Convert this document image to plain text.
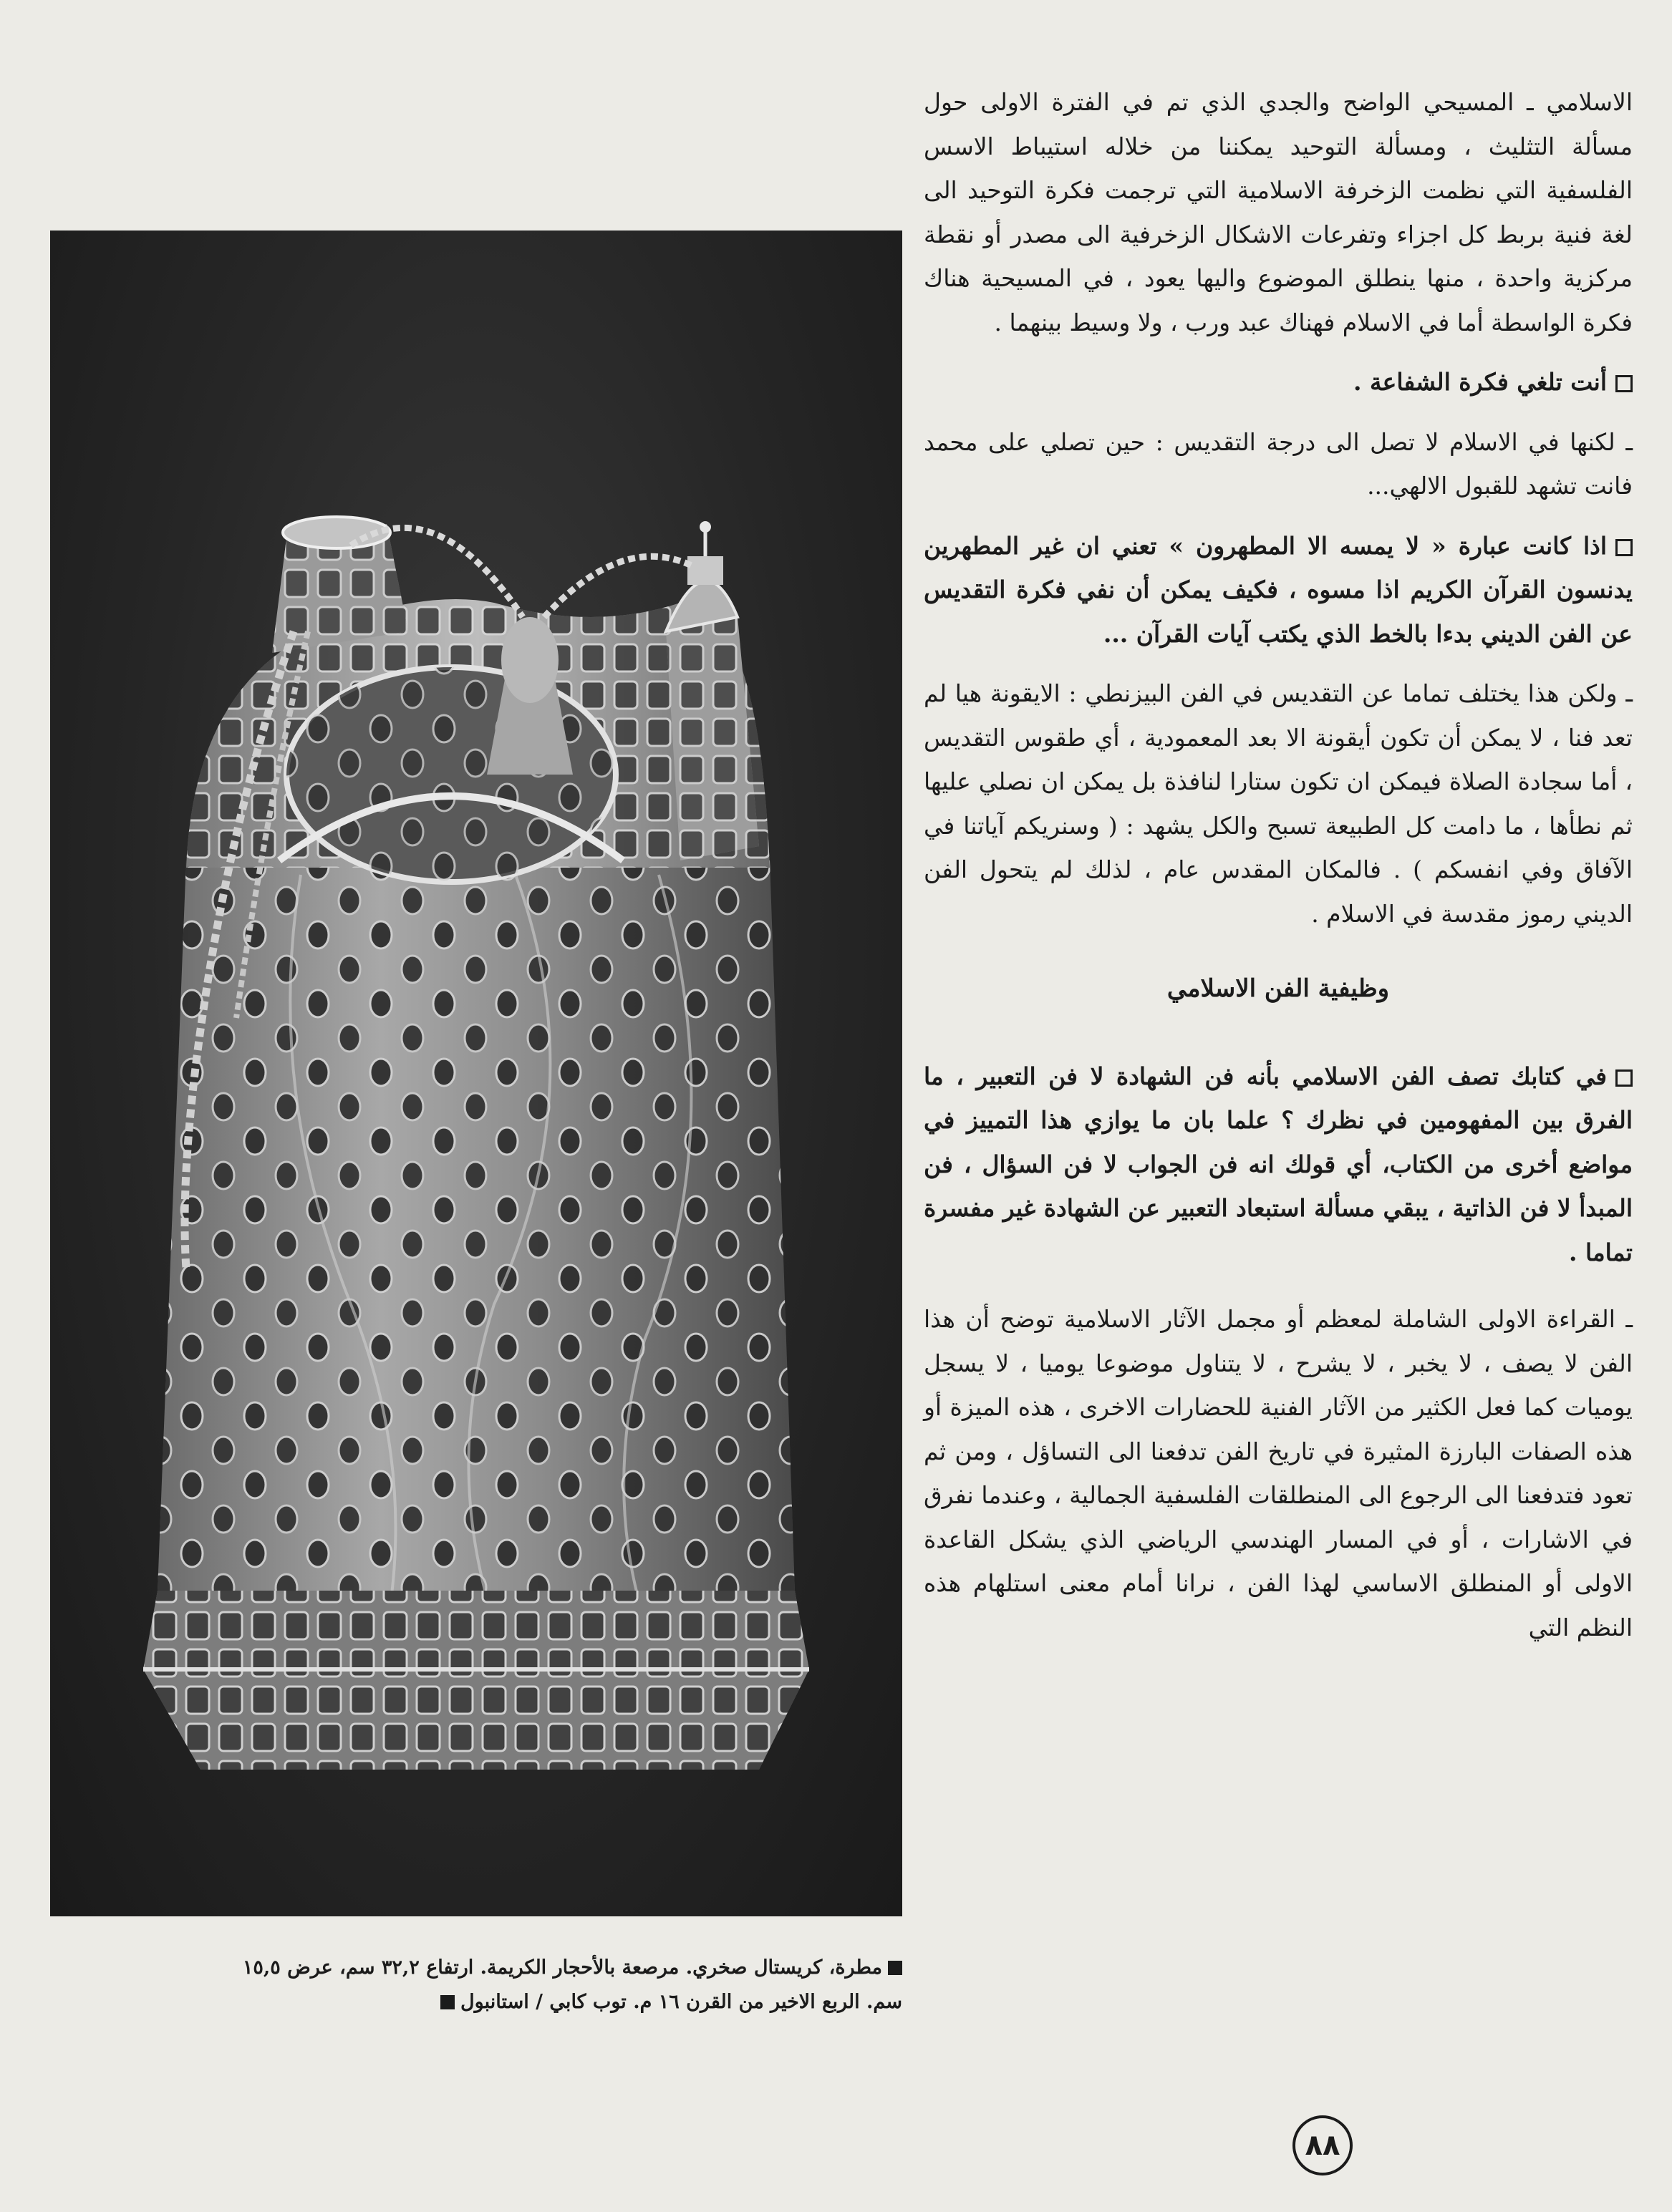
مطرة، كريستال صخري. مرصعة بالأحجار الكريمة. ارتفاع ٣٢,٢ سم، عرض ١٥,٥

سم. الربع الاخير من القرن ١٦ م. توب كابي / استانبول

الاسلامي ـ المسيحي الواضح والجدي الذي تم في الفترة الاولى حول مسألة التثليث ، ومسألة التوحيد يمكننا من خلاله استيباط الاسس الفلسفية التي نظمت الزخرفة الاسلامية التي ترجمت فكرة التوحيد الى لغة فنية بربط كل اجزاء وتفرعات الاشكال الزخرفية الى مصدر أو نقطة مركزية واحدة ، منها ينطلق الموضوع واليها يعود ، في المسيحية هناك فكرة الواسطة أما في الاسلام فهناك عبد ورب ، ولا وسيط بينهما .

أنت تلغي فكرة الشفاعة .

ـ لكنها في الاسلام لا تصل الى درجة التقديس : حين تصلي على محمد فانت تشهد للقبول الالهي...

اذا كانت عبارة « لا يمسه الا المطهرون » تعني ان غير المطهرين يدنسون القرآن الكريم اذا مسوه ، فكيف يمكن أن نفي فكرة التقديس عن الفن الديني بدءا بالخط الذي يكتب آيات القرآن ...

ـ ولكن هذا يختلف تماما عن التقديس في الفن البيزنطي : الايقونة هيا لم تعد فنا ، لا يمكن أن تكون أيقونة الا بعد المعمودية ، أي طقوس التقديس ، أما سجادة الصلاة فيمكن ان تكون ستارا لنافذة بل يمكن ان نصلي عليها ثم نطأها ، ما دامت كل الطبيعة تسبح والكل يشهد : ( وسنريكم آياتنا في الآفاق وفي انفسكم ) . فالمكان المقدس عام ، لذلك لم يتحول الفن الديني رموز مقدسة في الاسلام .

وظيفية الفن الاسلامي

في كتابك تصف الفن الاسلامي بأنه فن الشهادة لا فن التعبير ، ما الفرق بين المفهومين في نظرك ؟ علما بان ما يوازي هذا التمييز في مواضع أخرى من الكتاب، أي قولك انه فن الجواب لا فن السؤال ، فن المبدأ لا فن الذاتية ، يبقي مسألة استبعاد التعبير عن الشهادة غير مفسرة تماما .

ـ القراءة الاولى الشاملة لمعظم أو مجمل الآثار الاسلامية توضح أن هذا الفن لا يصف ، لا يخبر ، لا يشرح ، لا يتناول موضوعا يوميا ، لا يسجل يوميات كما فعل الكثير من الآثار الفنية للحضارات الاخرى ، هذه الميزة أو هذه الصفات البارزة المثيرة في تاريخ الفن تدفعنا الى التساؤل ، ومن ثم تعود فتدفعنا الى الرجوع الى المنطلقات الفلسفية الجمالية ، وعندما نفرق في الاشارات ، أو في المسار الهندسي الرياضي الذي يشكل القاعدة الاولى أو المنطلق الاساسي لهذا الفن ، نرانا أمام معنى استلهام هذه النظم التي

٨٨
